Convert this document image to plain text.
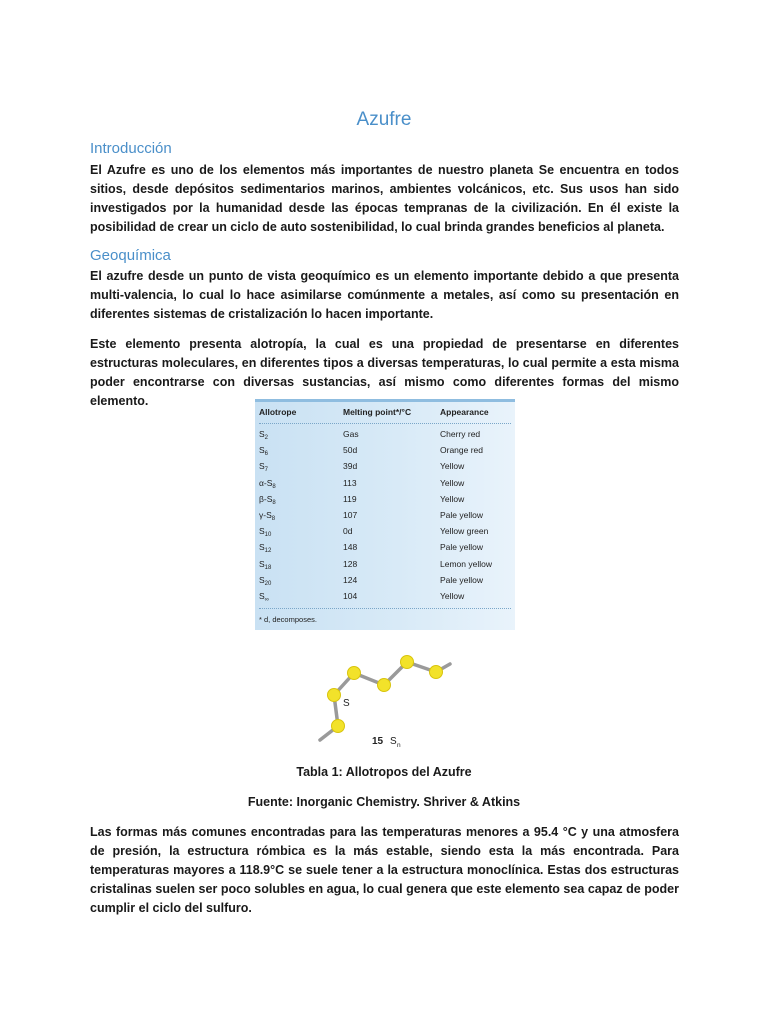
Azufre
Introducción
El Azufre es uno de los elementos más importantes de nuestro planeta Se encuentra en todos sitios, desde depósitos sedimentarios marinos, ambientes volcánicos, etc. Sus usos han sido investigados por la humanidad desde las épocas tempranas de la civilización. En él existe la posibilidad de crear un ciclo de auto sostenibilidad, lo cual brinda grandes beneficios al planeta.
Geoquímica
El azufre desde un punto de vista geoquímico es un elemento importante debido a que presenta multi-valencia, lo cual lo hace asimilarse comúnmente a metales, así como su presentación en diferentes sistemas de cristalización lo hacen importante.
Este elemento presenta alotropía, la cual es una propiedad de presentarse en diferentes estructuras moleculares, en diferentes tipos a diversas temperaturas, lo cual permite a esta misma poder encontrarse con diversas sustancias, así mismo como diferentes formas del mismo elemento.
Allotrope	Melting point*/°C	Appearance
$S_2$	Gas	Cherry red
$S_6$	50d	Orange red
$S_7$	39d	Yellow
$\alpha-S_8$	113	Yellow
$\beta-S_8$	119	Yellow
$\gamma-S_8$	107	Pale yellow
$S_{10}$	0d	Yellow green
$S_{12}$	148	Pale yellow
$S_{18}$	128	Lemon yellow
$S_{20}$	124	Pale yellow
$S_\infty$	104	Yellow
* d, decomposes.
S
15 S n
Tabla 1: Allotropos del Azufre
Fuente: Inorganic Chemistry. Shriver & Atkins
Las formas más comunes encontradas para las temperaturas menores a 95.4 °C y una atmosfera de presión, la estructura rómbica es la más estable, siendo esta la más encontrada. Para temperaturas mayores a 118.9°C se suele tener a la estructura monoclínica. Estas dos estructuras cristalinas suelen ser poco solubles en agua, lo cual genera que este elemento sea capaz de poder cumplir el ciclo del sulfuro.
